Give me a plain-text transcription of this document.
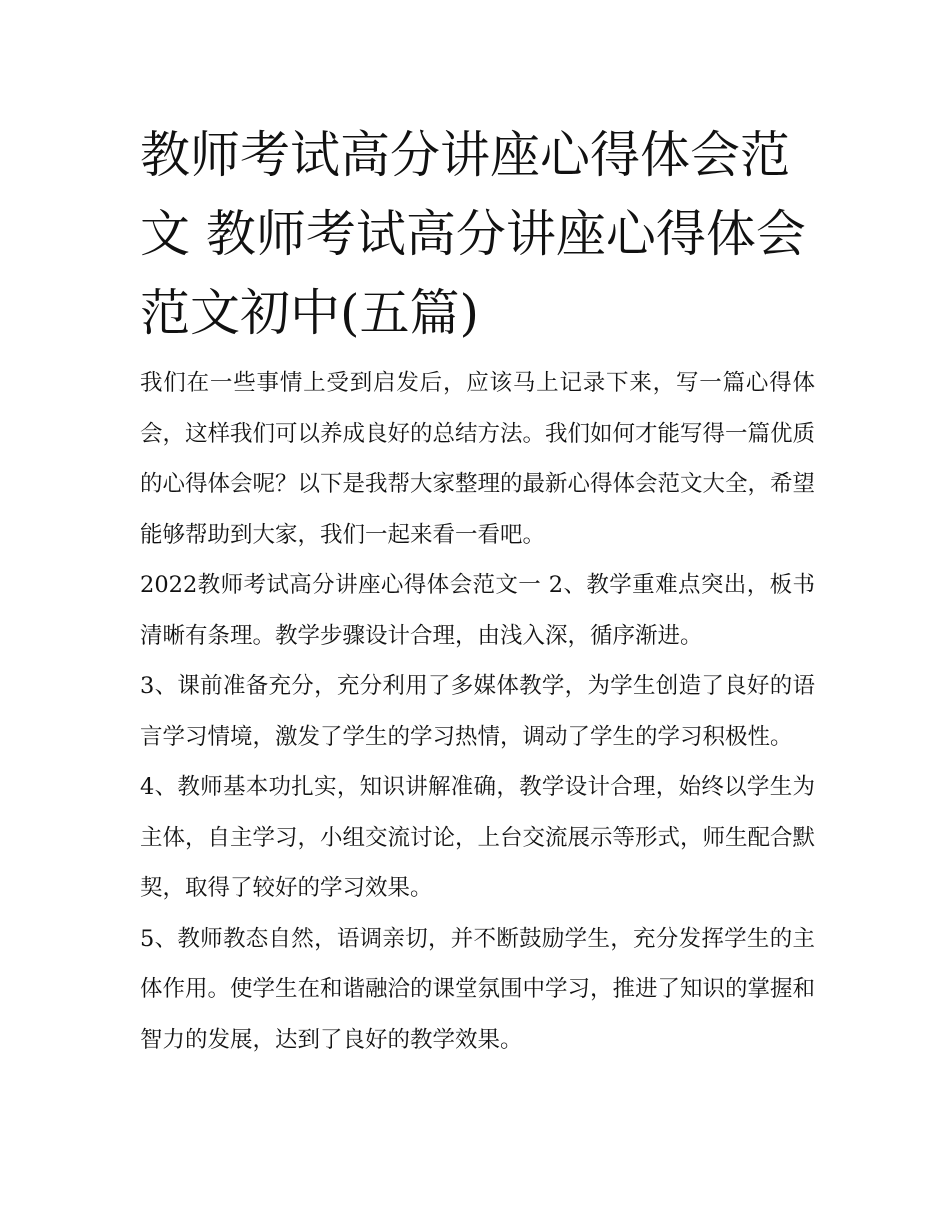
教师考试高分讲座心得体会范文 教师考试高分讲座心得体会范文初中(五篇)

我们在一些事情上受到启发后，应该马上记录下来，写一篇心得体会，这样我们可以养成良好的总结方法。我们如何才能写得一篇优质的心得体会呢？以下是我帮大家整理的最新心得体会范文大全，希望能够帮助到大家，我们一起来看一看吧。

2022教师考试高分讲座心得体会范文一 2、教学重难点突出，板书清晰有条理。教学步骤设计合理，由浅入深，循序渐进。

3、课前准备充分，充分利用了多媒体教学，为学生创造了良好的语言学习情境，激发了学生的学习热情，调动了学生的学习积极性。

4、教师基本功扎实，知识讲解准确，教学设计合理，始终以学生为主体，自主学习，小组交流讨论，上台交流展示等形式，师生配合默契，取得了较好的学习效果。

5、教师教态自然，语调亲切，并不断鼓励学生，充分发挥学生的主体作用。使学生在和谐融洽的课堂氛围中学习，推进了知识的掌握和智力的发展，达到了良好的教学效果。
